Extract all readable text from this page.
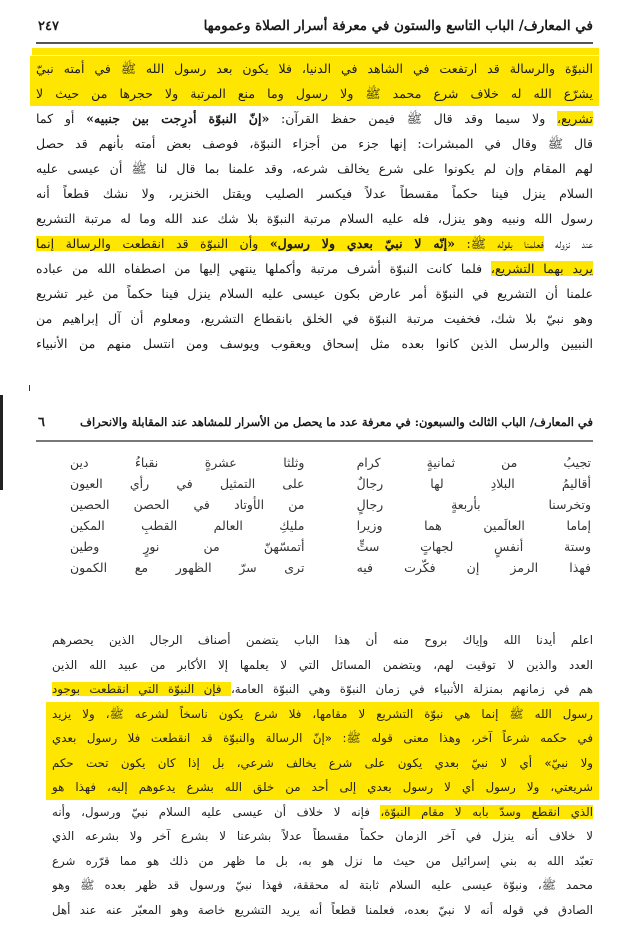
في المعارف/ الباب التاسع والستون في معرفة أسرار الصلاة وعمومها
٢٤٧
النبوّة والرسالة قد ارتفعت في الشاهد في الدنيا، فلا يكون بعد رسول الله ﷺ في أمته نبيّ
يشرّع الله له خلاف شرع محمد ﷺ ولا رسول وما منع المرتبة ولا حجرها من حيث لا
تشريع، ولا سيما وقد قال ﷺ فيمن حفظ القرآن: «إنّ النبوّة أدرِجت بين جنبيه» أو كما
قال ﷺ وقال في المبشرات: إنها جزء من أجزاء النبوّة، فوصف بعض أمته بأنهم قد حصل
لهم المقام وإن لم يكونوا على شرع يخالف شرعه، وقد علمنا بما قال لنا ﷺ أن عيسى عليه
السلام ينزل فينا حكماً مقسطاً عدلاً فيكسر الصليب ويقتل الخنزير، ولا نشك قطعاً أنه
رسول الله ونبيه وهو ينزل، فله عليه السلام مرتبة النبوّة بلا شك عند الله وما له مرتبة التشريع
عند نزوله فعلمنا بقوله ﷺ: «إنّه لا نبيّ بعدي ولا رسول» وأن النبوّة قد انقطعت والرسالة إنما
يريد بهما التشريع، فلما كانت النبوّة أشرف مرتبة وأكملها ينتهي إليها من اصطفاه الله من عباده
علمنا أن التشريع في النبوّة أمر عارض بكون عيسى عليه السلام ينزل فينا حكماً من غير تشريع
وهو نبيّ بلا شك، فخفيت مرتبة النبوّة في الخلق بانقطاع التشريع، ومعلوم أن آل إبراهيم من
النبيين والرسل الذين كانوا بعده مثل إسحاق ويعقوب ويوسف ومن انتسل منهم من الأنبياء
في المعارف/ الباب الثالث والسبعون: في معرفة عدد ما يحصل من الأسرار للمشاهد عند المقابلة والانحراف
٦
تجيبُ من ثمانيةٍ كرام
وثلثا عشرةٍ نقباءُ دين
أقاليمُ البلادِ لها رجالٌ
على التمثيل في رأي العيون
وتخرسنا بأربعةٍ رجالٍ
من الأوتاد في الحصن الحصين
إماما العالَمين هما وزيرا
مليكِ العالم القطبِ المكين
وستة أنفسٍ لجهاتٍ ستٍّ
أتمسّهنّ من نورٍ وطين
فهذا الرمز إن فكّرت فيه
ترى سرّ الظهور مع الكمون
اعلم أيدنا الله وإياك بروح منه أن هذا الباب يتضمن أصناف الرجال الذين يحصرهم
العدد والذين لا توقيت لهم، ويتضمن المسائل التي لا يعلمها إلا الأكابر من عبيد الله الذين
هم في زمانهم بمنزلة الأنبياء في زمان النبوّة وهي النبوّة العامة، فإن النبوّة التي انقطعت بوجود
رسول الله ﷺ إنما هي نبوّة التشريع لا مقامها، فلا شرع يكون ناسخاً لشرعه ﷺ، ولا يزيد
في حكمه شرعاً آخر، وهذا معنى قوله ﷺ: «إنّ الرسالة والنبوّة قد انقطعت فلا رسول بعدي
ولا نبيّ» أي لا نبيّ بعدي يكون على شرع يخالف شرعي، بل إذا كان يكون تحت حكم
شريعتي، ولا رسول أي لا رسول بعدي إلى أحد من خلق الله بشرع يدعوهم إليه، فهذا هو
الذي انقطع وسدّ بابه لا مقام النبوّة، فإنه لا خلاف أن عيسى عليه السلام نبيّ ورسول، وأنه
لا خلاف أنه ينزل في آخر الزمان حكماً مقسطاً عدلاً بشرعنا لا بشرع آخر ولا بشرعه الذي
تعبّد الله به بني إسرائيل من حيث ما نزل هو به، بل ما ظهر من ذلك هو مما قرّره شرع
محمد ﷺ، ونبوّة عيسى عليه السلام ثابتة له محققة، فهذا نبيّ ورسول قد ظهر بعده ﷺ وهو
الصادق في قوله أنه لا نبيّ بعده، فعلمنا قطعاً أنه يريد التشريع خاصة وهو المعبّر عنه عند أهل
